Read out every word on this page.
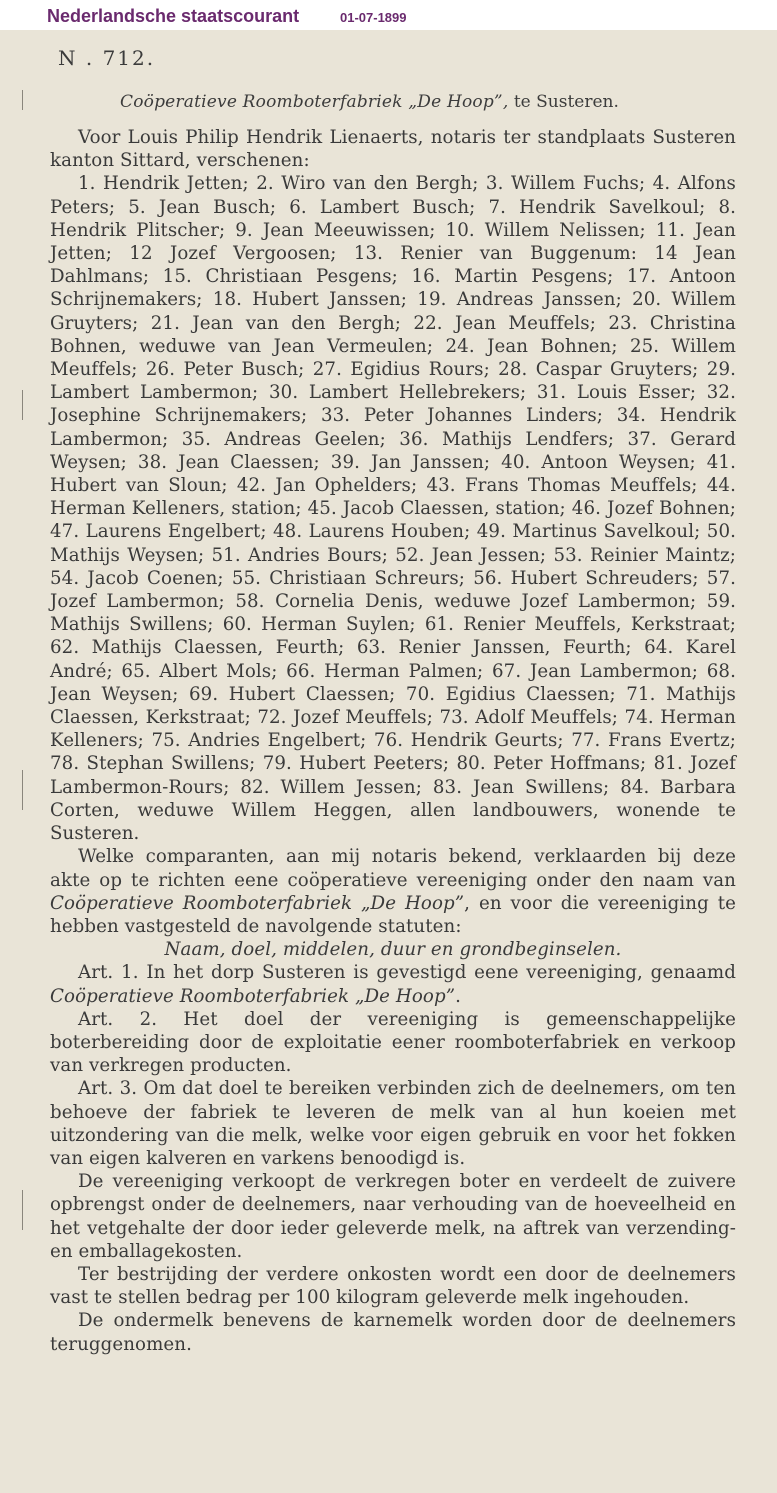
Nederlandsche staatscourant	01-07-1899
N . 712.
Coöperatieve Roomboterfabriek „De Hoop”, te Susteren.

Voor Louis Philip Hendrik Lienaerts, notaris ter standplaats Susteren kanton Sittard, verschenen:

1. Hendrik Jetten; 2. Wiro van den Bergh; 3. Willem Fuchs; 4. Alfons Peters; 5. Jean Busch; 6. Lambert Busch; 7. Hendrik Savelkoul; 8. Hendrik Plitscher; 9. Jean Meeuwissen; 10. Willem Nelissen; 11. Jean Jetten; 12 Jozef Vergoosen; 13. Renier van Buggenum: 14 Jean Dahlmans; 15. Christiaan Pesgens; 16. Martin Pesgens; 17. Antoon Schrijnemakers; 18. Hubert Janssen; 19. Andreas Janssen; 20. Willem Gruyters; 21. Jean van den Bergh; 22. Jean Meuffels; 23. Christina Bohnen, weduwe van Jean Vermeulen; 24. Jean Bohnen; 25. Willem Meuffels; 26. Peter Busch; 27. Egidius Rours; 28. Caspar Gruyters; 29. Lambert Lambermon; 30. Lambert Hellebrekers; 31. Louis Esser; 32. Josephine Schrijnemakers; 33. Peter Johannes Linders; 34. Hendrik Lambermon; 35. Andreas Geelen; 36. Mathijs Lendfers; 37. Gerard Weysen; 38. Jean Claessen; 39. Jan Janssen; 40. Antoon Weysen; 41. Hubert van Sloun; 42. Jan Ophelders; 43. Frans Thomas Meuffels; 44. Herman Kelleners, station; 45. Jacob Claessen, station; 46. Jozef Bohnen; 47. Laurens Engelbert; 48. Laurens Houben; 49. Martinus Savelkoul; 50. Mathijs Weysen; 51. Andries Bours; 52. Jean Jessen; 53. Reinier Maintz; 54. Jacob Coenen; 55. Christiaan Schreurs; 56. Hubert Schreuders; 57. Jozef Lambermon; 58. Cornelia Denis, weduwe Jozef Lambermon; 59. Mathijs Swillens; 60. Herman Suylen; 61. Renier Meuffels, Kerkstraat; 62. Mathijs Claessen, Feurth; 63. Renier Janssen, Feurth; 64. Karel André; 65. Albert Mols; 66. Herman Palmen; 67. Jean Lambermon; 68. Jean Weysen; 69. Hubert Claessen; 70. Egidius Claessen; 71. Mathijs Claessen, Kerkstraat; 72. Jozef Meuffels; 73. Adolf Meuffels; 74. Herman Kelleners; 75. Andries Engelbert; 76. Hendrik Geurts; 77. Frans Evertz; 78. Stephan Swillens; 79. Hubert Peeters; 80. Peter Hoffmans; 81. Jozef Lambermon-Rours; 82. Willem Jessen; 83. Jean Swillens; 84. Barbara Corten, weduwe Willem Heggen, allen landbouwers, wonende te Susteren.

Welke comparanten, aan mij notaris bekend, verklaarden bij deze akte op te richten eene coöperatieve vereeniging onder den naam van Coöperatieve Roomboterfabriek „De Hoop”, en voor die vereeniging te hebben vastgesteld de navolgende statuten:

Naam, doel, middelen, duur en grondbeginselen.

Art. 1. In het dorp Susteren is gevestigd eene vereeniging, genaamd Coöperatieve Roomboterfabriek „De Hoop”.

Art. 2. Het doel der vereeniging is gemeenschappelijke boterbereiding door de exploitatie eener roomboterfabriek en verkoop van verkregen producten.

Art. 3. Om dat doel te bereiken verbinden zich de deelnemers, om ten behoeve der fabriek te leveren de melk van al hun koeien met uitzondering van die melk, welke voor eigen gebruik en voor het fokken van eigen kalveren en varkens benoodigd is.

De vereeniging verkoopt de verkregen boter en verdeelt de zuivere opbrengst onder de deelnemers, naar verhouding van de hoeveelheid en het vetgehalte der door ieder geleverde melk, na aftrek van verzending- en emballagekosten.

Ter bestrijding der verdere onkosten wordt een door de deelnemers vast te stellen bedrag per 100 kilogram geleverde melk ingehouden.

De ondermelk benevens de karnemelk worden door de deelnemers teruggenomen.
